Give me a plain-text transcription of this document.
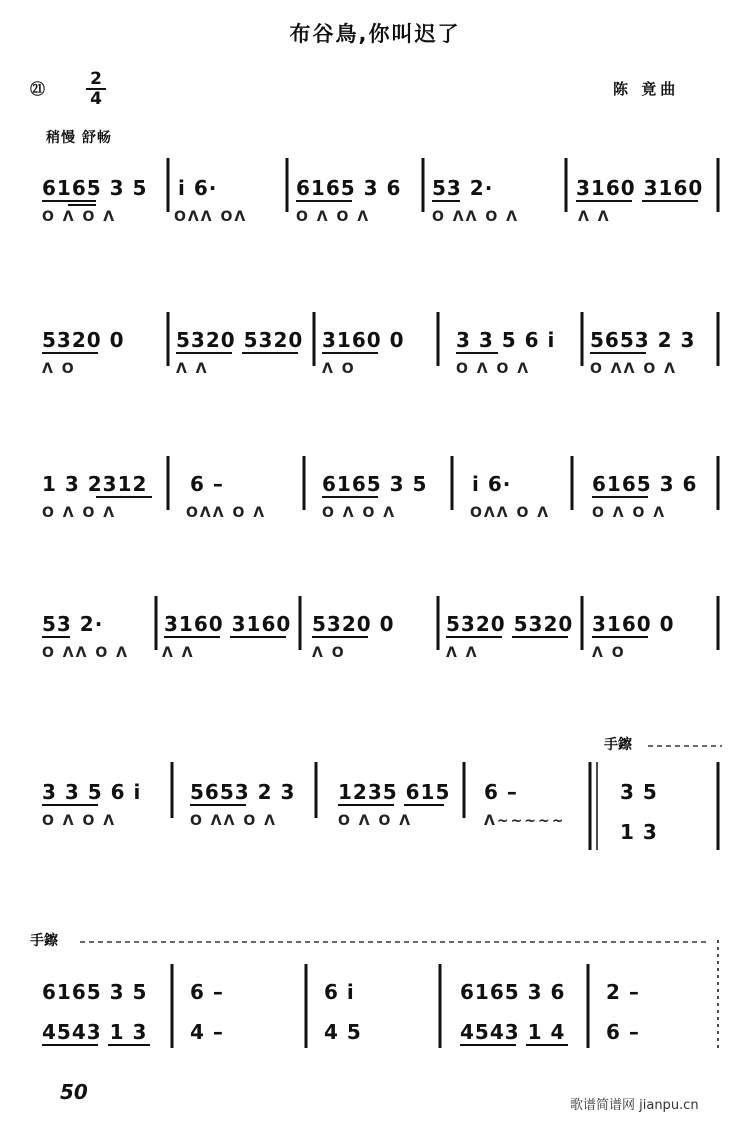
布谷鳥,你叫迟了
㉑ $\frac{2}{4}$	陈 竟曲
稍慢 舒畅
6165 3 5 i 6·	6165 3 6 53 2·	3160 3160
O Λ O Λ	OΛΛ OΛ	O Λ O Λ	O ΛΛ O Λ	Λ Λ
5320 0	5320 5320 3160 0	3 3 5 6 i 5653 2 3
Λ O	Λ Λ	Λ O	O Λ O Λ	O ΛΛ O Λ
1 3 2312 6 –	6165 3 5 i 6·	6165 3 6
O Λ O Λ	OΛΛ O Λ	O Λ O Λ	OΛΛ O Λ	O Λ O Λ
53 2·	3160 3160 5320 0	5320 5320 3160 0
O ΛΛ O Λ Λ Λ	Λ O	Λ Λ	Λ O
手鑔
3 3 5 6 i 5653 2 3 1235 615 6 –
O Λ O Λ	O ΛΛ O Λ	O Λ O Λ	Λ~~~~~
3 5
1 3
手鑔
6165 3 5 6 –	6 i	6165 3 6 2 –
4543 1 3 4 –	4 5	4543 1 4 6 –
50
歌谱简谱网 jianpu.cn
